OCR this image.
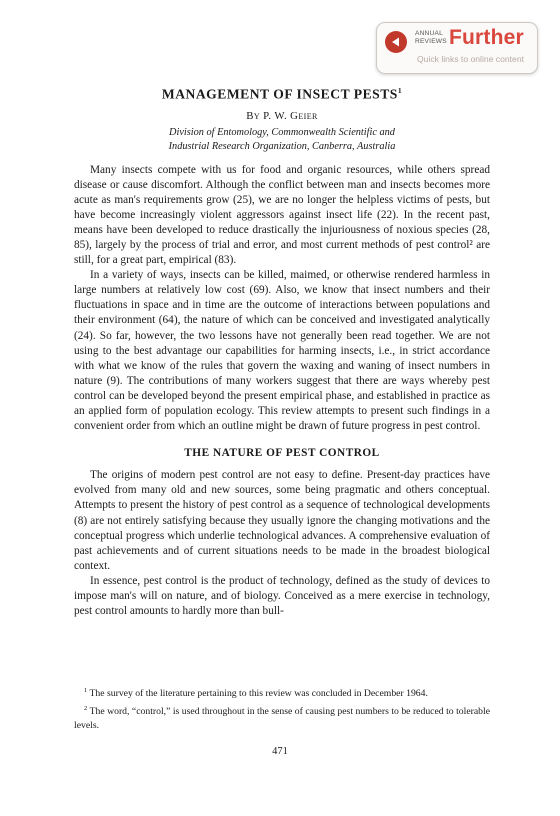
ANNUAL
REVIEWS Further
Quick links to online content
MANAGEMENT OF INSECT PESTS$^1$

By P. W. Geier

Division of Entomology, Commonwealth Scientific and
Industrial Research Organization, Canberra, Australia

Many insects compete with us for food and organic resources, while others spread disease or cause discomfort. Although the conflict between man and insects becomes more acute as man's requirements grow (25), we are no longer the helpless victims of pests, but have become increasingly violent aggressors against insect life (22). In the recent past, means have been developed to reduce drastically the injuriousness of noxious species (28, 85), largely by the process of trial and error, and most current methods of pest control² are still, for a great part, empirical (83).

In a variety of ways, insects can be killed, maimed, or otherwise rendered harmless in large numbers at relatively low cost (69). Also, we know that insect numbers and their fluctuations in space and in time are the outcome of interactions between populations and their environment (64), the nature of which can be conceived and investigated analytically (24). So far, however, the two lessons have not generally been read together. We are not using to the best advantage our capabilities for harming insects, i.e., in strict accordance with what we know of the rules that govern the waxing and waning of insect numbers in nature (9). The contributions of many workers suggest that there are ways whereby pest control can be developed beyond the present empirical phase, and established in practice as an applied form of population ecology. This review attempts to present such findings in a convenient order from which an outline might be drawn of future progress in pest control.

THE NATURE OF PEST CONTROL

The origins of modern pest control are not easy to define. Present-day practices have evolved from many old and new sources, some being pragmatic and others conceptual. Attempts to present the history of pest control as a sequence of technological developments (8) are not entirely satisfying because they usually ignore the changing motivations and the conceptual progress which underlie technological advances. A comprehensive evaluation of past achievements and of current situations needs to be made in the broadest biological context.

In essence, pest control is the product of technology, defined as the study of devices to impose man's will on nature, and of biology. Conceived as a mere exercise in technology, pest control amounts to hardly more than bull-

$^1$ The survey of the literature pertaining to this review was concluded in December 1964.

$^2$ The word, “control,” is used throughout in the sense of causing pest numbers to be reduced to tolerable levels.

471
